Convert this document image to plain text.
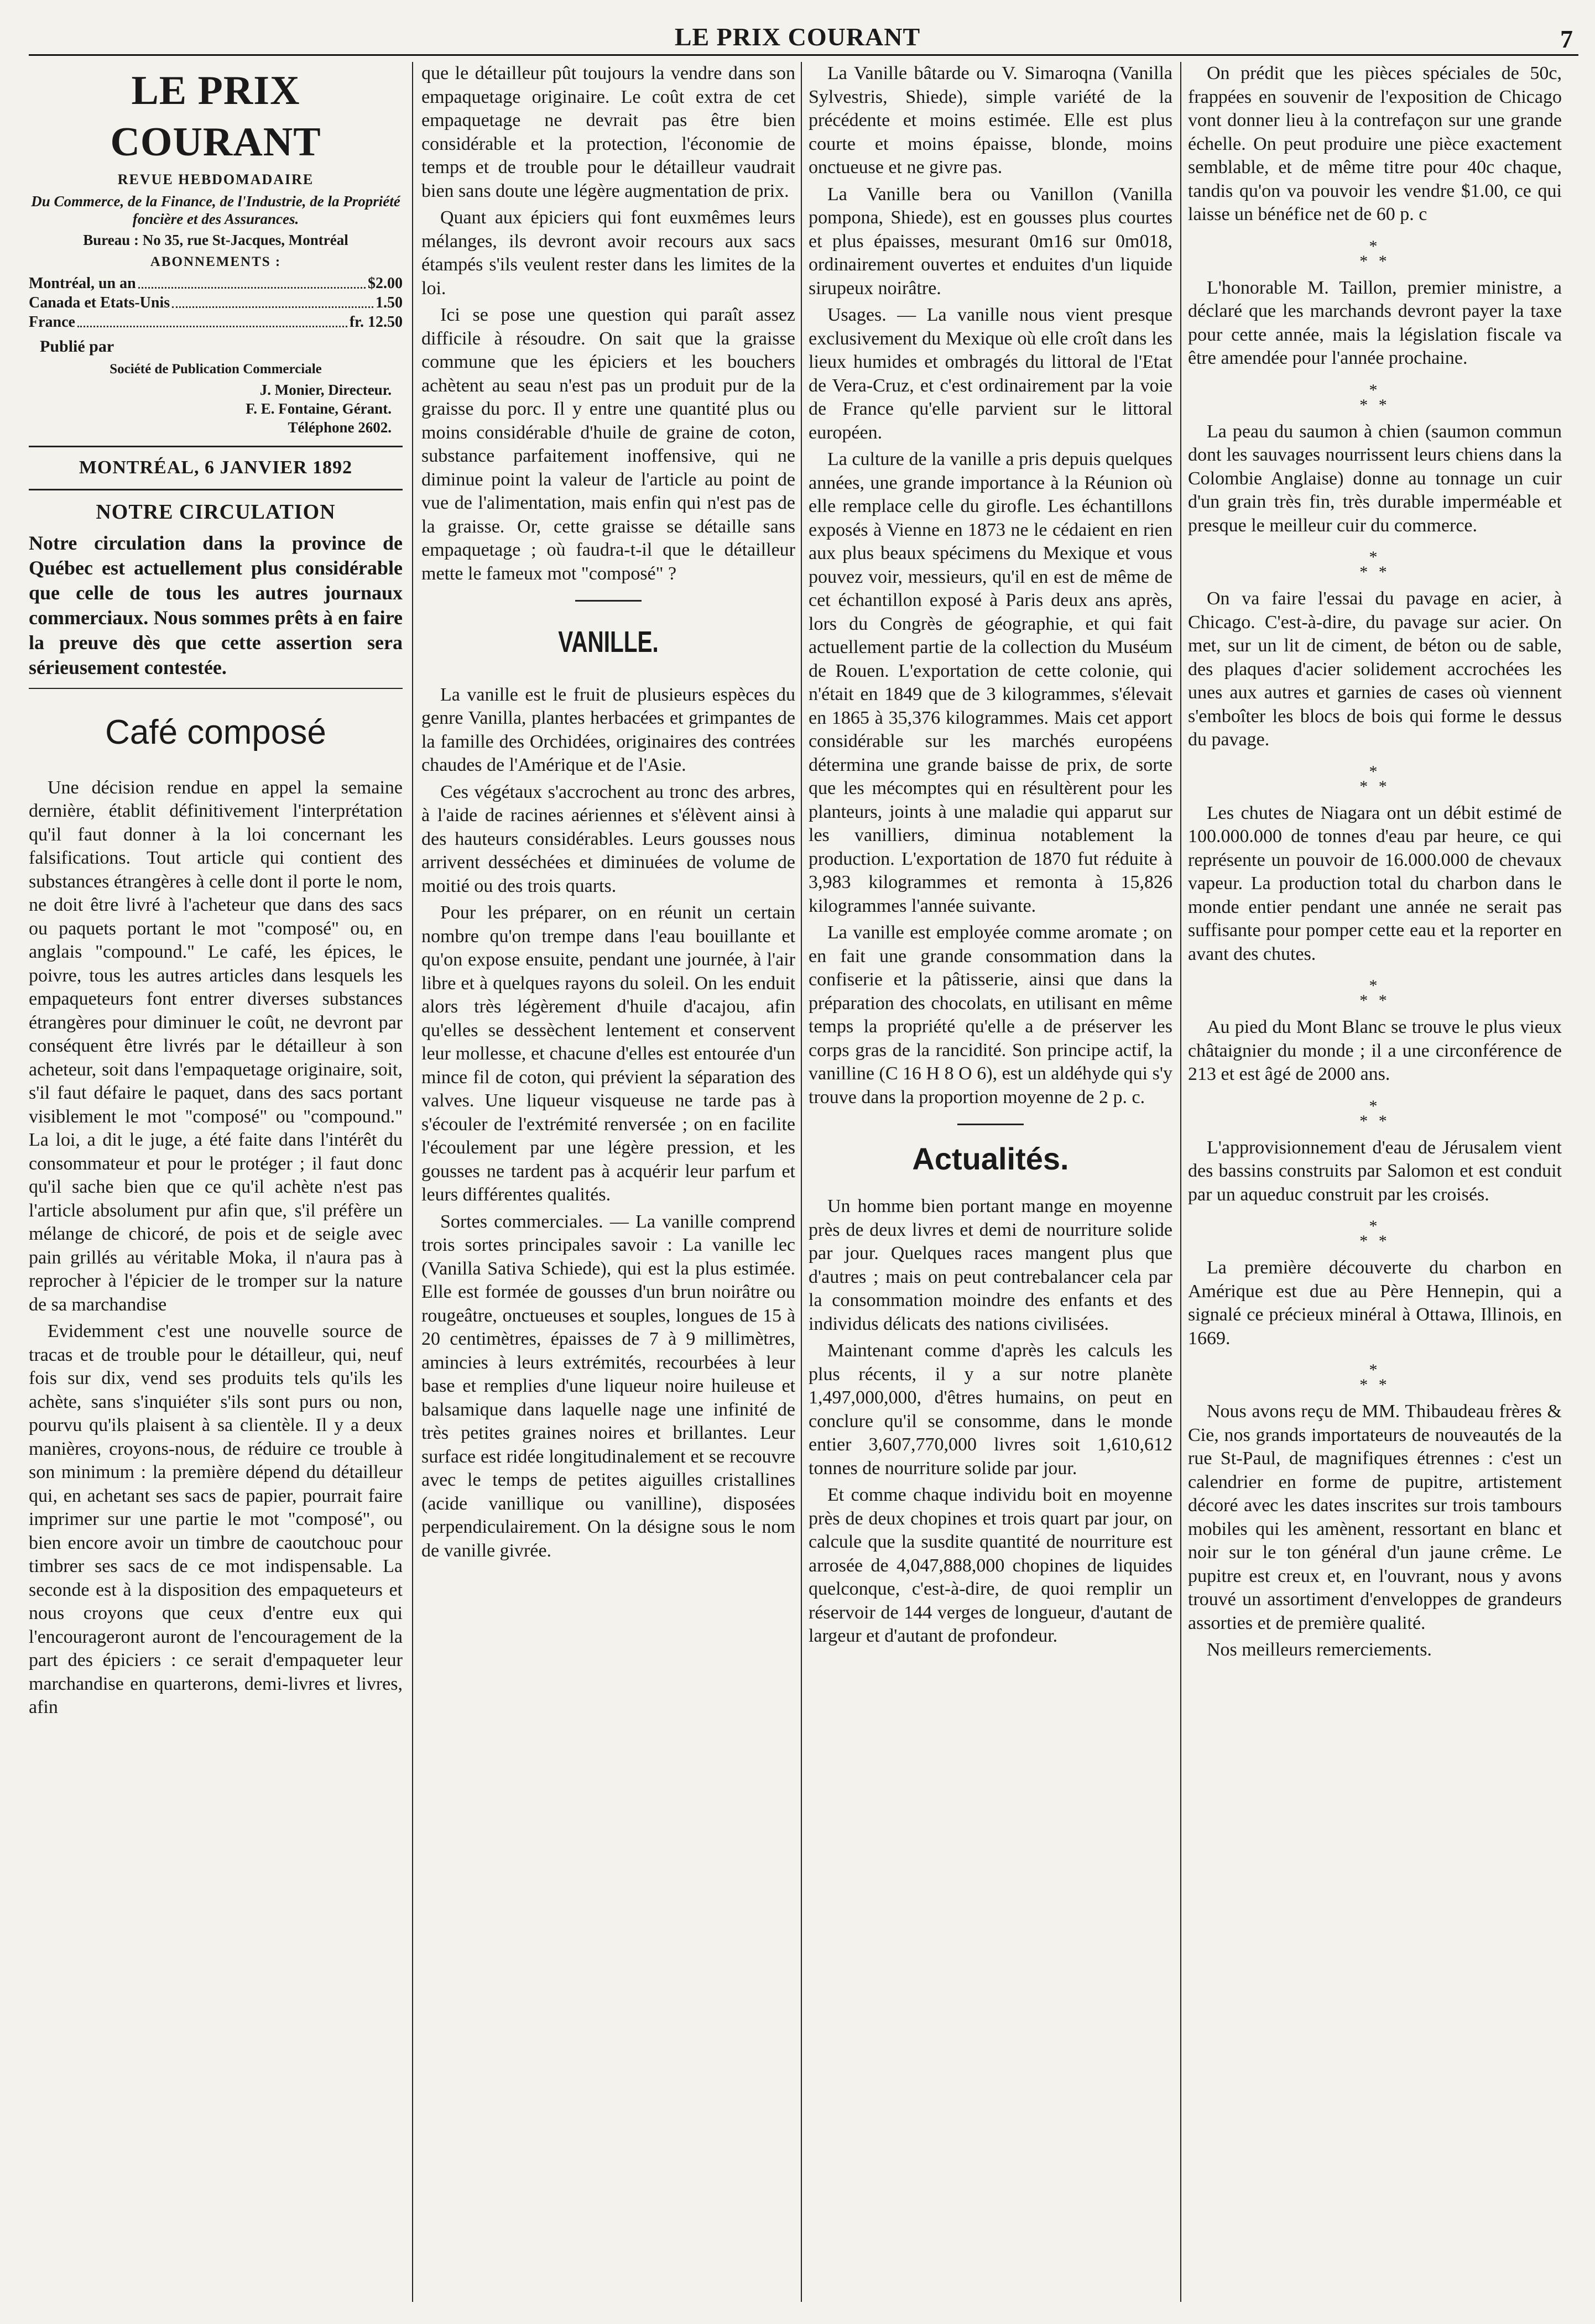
LE PRIX COURANT	7
LE PRIX COURANT
REVUE HEBDOMADAIRE
Du Commerce, de la Finance, de l'Industrie, de la Propriété foncière et des Assurances.
Bureau : No 35, rue St-Jacques, Montréal
ABONNEMENTS :
Montréal, un an	$2.00
Canada et Etats-Unis	1.50
France	fr. 12.50
Publié par
Société de Publication Commerciale
J. Monier, Directeur.
F. E. Fontaine, Gérant.
Téléphone 2602.
MONTRÉAL, 6 JANVIER 1892
NOTRE CIRCULATION
Notre circulation dans la province de Québec est actuellement plus considérable que celle de tous les autres journaux commerciaux. Nous sommes prêts à en faire la preuve dès que cette assertion sera sérieusement contestée.
Café composé

Une décision rendue en appel la semaine dernière, établit définitivement l'interprétation qu'il faut donner à la loi concernant les falsifications. Tout article qui contient des substances étrangères à celle dont il porte le nom, ne doit être livré à l'acheteur que dans des sacs ou paquets portant le mot "composé" ou, en anglais "compound." Le café, les épices, le poivre, tous les autres articles dans lesquels les empaqueteurs font entrer diverses substances étrangères pour diminuer le coût, ne devront par conséquent être livrés par le détailleur à son acheteur, soit dans l'empaquetage originaire, soit, s'il faut défaire le paquet, dans des sacs portant visiblement le mot "composé" ou "compound." La loi, a dit le juge, a été faite dans l'intérêt du consommateur et pour le protéger ; il faut donc qu'il sache bien que ce qu'il achète n'est pas l'article absolument pur afin que, s'il préfère un mélange de chicoré, de pois et de seigle avec pain grillés au véritable Moka, il n'aura pas à reprocher à l'épicier de le tromper sur la nature de sa marchandise

Evidemment c'est une nouvelle source de tracas et de trouble pour le détailleur, qui, neuf fois sur dix, vend ses produits tels qu'ils les achète, sans s'inquiéter s'ils sont purs ou non, pourvu qu'ils plaisent à sa clientèle. Il y a deux manières, croyons-nous, de réduire ce trouble à son minimum : la première dépend du détailleur qui, en achetant ses sacs de papier, pourrait faire imprimer sur une partie le mot "composé", ou bien encore avoir un timbre de caoutchouc pour timbrer ses sacs de ce mot indispensable. La seconde est à la disposition des empaqueteurs et nous croyons que ceux d'entre eux qui l'encourageront auront de l'encouragement de la part des épiciers : ce serait d'empaqueter leur marchandise en quarterons, demi-livres et livres, afin

que le détailleur pût toujours la vendre dans son empaquetage originaire. Le coût extra de cet empaquetage ne devrait pas être bien considérable et la protection, l'économie de temps et de trouble pour le détailleur vaudrait bien sans doute une légère augmentation de prix.

Quant aux épiciers qui font euxmêmes leurs mélanges, ils devront avoir recours aux sacs étampés s'ils veulent rester dans les limites de la loi.

Ici se pose une question qui paraît assez difficile à résoudre. On sait que la graisse commune que les épiciers et les bouchers achètent au seau n'est pas un produit pur de la graisse du porc. Il y entre une quantité plus ou moins considérable d'huile de graine de coton, substance parfaitement inoffensive, qui ne diminue point la valeur de l'article au point de vue de l'alimentation, mais enfin qui n'est pas de la graisse. Or, cette graisse se détaille sans empaquetage ; où faudra-t-il que le détailleur mette le fameux mot "composé" ?

VANILLE.

La vanille est le fruit de plusieurs espèces du genre Vanilla, plantes herbacées et grimpantes de la famille des Orchidées, originaires des contrées chaudes de l'Amérique et de l'Asie.

Ces végétaux s'accrochent au tronc des arbres, à l'aide de racines aériennes et s'élèvent ainsi à des hauteurs considérables. Leurs gousses nous arrivent desséchées et diminuées de volume de moitié ou des trois quarts.

Pour les préparer, on en réunit un certain nombre qu'on trempe dans l'eau bouillante et qu'on expose ensuite, pendant une journée, à l'air libre et à quelques rayons du soleil. On les enduit alors très légèrement d'huile d'acajou, afin qu'elles se dessèchent lentement et conservent leur mollesse, et chacune d'elles est entourée d'un mince fil de coton, qui prévient la séparation des valves. Une liqueur visqueuse ne tarde pas à s'écouler de l'extrémité renversée ; on en facilite l'écoulement par une légère pression, et les gousses ne tardent pas à acquérir leur parfum et leurs différentes qualités.

Sortes commerciales. — La vanille comprend trois sortes principales savoir : La vanille lec (Vanilla Sativa Schiede), qui est la plus estimée. Elle est formée de gousses d'un brun noirâtre ou rougeâtre, onctueuses et souples, longues de 15 à 20 centimètres, épaisses de 7 à 9 millimètres, amincies à leurs extrémités, recourbées à leur base et remplies d'une liqueur noire huileuse et balsamique dans laquelle nage une infinité de très petites graines noires et brillantes. Leur surface est ridée longitudinalement et se recouvre avec le temps de petites aiguilles cristallines (acide vanillique ou vanilline), disposées perpendiculairement. On la désigne sous le nom de vanille givrée.

La Vanille bâtarde ou V. Simaroqna (Vanilla Sylvestris, Shiede), simple variété de la précédente et moins estimée. Elle est plus courte et moins épaisse, blonde, moins onctueuse et ne givre pas.

La Vanille bera ou Vanillon (Vanilla pompona, Shiede), est en gousses plus courtes et plus épaisses, mesurant 0m16 sur 0m018, ordinairement ouvertes et enduites d'un liquide sirupeux noirâtre.

Usages. — La vanille nous vient presque exclusivement du Mexique où elle croît dans les lieux humides et ombragés du littoral de l'Etat de Vera-Cruz, et c'est ordinairement par la voie de France qu'elle parvient sur le littoral européen.

La culture de la vanille a pris depuis quelques années, une grande importance à la Réunion où elle remplace celle du girofle. Les échantillons exposés à Vienne en 1873 ne le cédaient en rien aux plus beaux spécimens du Mexique et vous pouvez voir, messieurs, qu'il en est de même de cet échantillon exposé à Paris deux ans après, lors du Congrès de géographie, et qui fait actuellement partie de la collection du Muséum de Rouen. L'exportation de cette colonie, qui n'était en 1849 que de 3 kilogrammes, s'élevait en 1865 à 35,376 kilogrammes. Mais cet apport considérable sur les marchés européens détermina une grande baisse de prix, de sorte que les mécomptes qui en résultèrent pour les planteurs, joints à une maladie qui apparut sur les vanilliers, diminua notablement la production. L'exportation de 1870 fut réduite à 3,983 kilogrammes et remonta à 15,826 kilogrammes l'année suivante.

La vanille est employée comme aromate ; on en fait une grande consommation dans la confiserie et la pâtisserie, ainsi que dans la préparation des chocolats, en utilisant en même temps la propriété qu'elle a de préserver les corps gras de la rancidité. Son principe actif, la vanilline (C 16 H 8 O 6), est un aldéhyde qui s'y trouve dans la proportion moyenne de 2 p. c.

Actualités.

Un homme bien portant mange en moyenne près de deux livres et demi de nourriture solide par jour. Quelques races mangent plus que d'autres ; mais on peut contrebalancer cela par la consommation moindre des enfants et des individus délicats des nations civilisées.

Maintenant comme d'après les calculs les plus récents, il y a sur notre planète 1,497,000,000, d'êtres humains, on peut en conclure qu'il se consomme, dans le monde entier 3,607,770,000 livres soit 1,610,612 tonnes de nourriture solide par jour.

Et comme chaque individu boit en moyenne près de deux chopines et trois quart par jour, on calcule que la susdite quantité de nourriture est arrosée de 4,047,888,000 chopines de liquides quelconque, c'est-à-dire, de quoi remplir un réservoir de 144 verges de longueur, d'autant de largeur et d'autant de profondeur.

On prédit que les pièces spéciales de 50c, frappées en souvenir de l'exposition de Chicago vont donner lieu à la contrefaçon sur une grande échelle. On peut produire une pièce exactement semblable, et de même titre pour 40c chaque, tandis qu'on va pouvoir les vendre $1.00, ce qui laisse un bénéfice net de 60 p. c

*
* *

L'honorable M. Taillon, premier ministre, a déclaré que les marchands devront payer la taxe pour cette année, mais la législation fiscale va être amendée pour l'année prochaine.

*
* *

La peau du saumon à chien (saumon commun dont les sauvages nourrissent leurs chiens dans la Colombie Anglaise) donne au tonnage un cuir d'un grain très fin, très durable imperméable et presque le meilleur cuir du commerce.

*
* *

On va faire l'essai du pavage en acier, à Chicago. C'est-à-dire, du pavage sur acier. On met, sur un lit de ciment, de béton ou de sable, des plaques d'acier solidement accrochées les unes aux autres et garnies de cases où viennent s'emboîter les blocs de bois qui forme le dessus du pavage.

*
* *

Les chutes de Niagara ont un débit estimé de 100.000.000 de tonnes d'eau par heure, ce qui représente un pouvoir de 16.000.000 de chevaux vapeur. La production total du charbon dans le monde entier pendant une année ne serait pas suffisante pour pomper cette eau et la reporter en avant des chutes.

*
* *

Au pied du Mont Blanc se trouve le plus vieux châtaignier du monde ; il a une circonférence de 213 et est âgé de 2000 ans.

*
* *

L'approvisionnement d'eau de Jérusalem vient des bassins construits par Salomon et est conduit par un aqueduc construit par les croisés.

*
* *

La première découverte du charbon en Amérique est due au Père Hennepin, qui a signalé ce précieux minéral à Ottawa, Illinois, en 1669.

*
* *

Nous avons reçu de MM. Thibaudeau frères & Cie, nos grands importateurs de nouveautés de la rue St-Paul, de magnifiques étrennes : c'est un calendrier en forme de pupitre, artistement décoré avec les dates inscrites sur trois tambours mobiles qui les amènent, ressortant en blanc et noir sur le ton général d'un jaune crême. Le pupitre est creux et, en l'ouvrant, nous y avons trouvé un assortiment d'enveloppes de grandeurs assorties et de première qualité.

Nos meilleurs remerciements.
